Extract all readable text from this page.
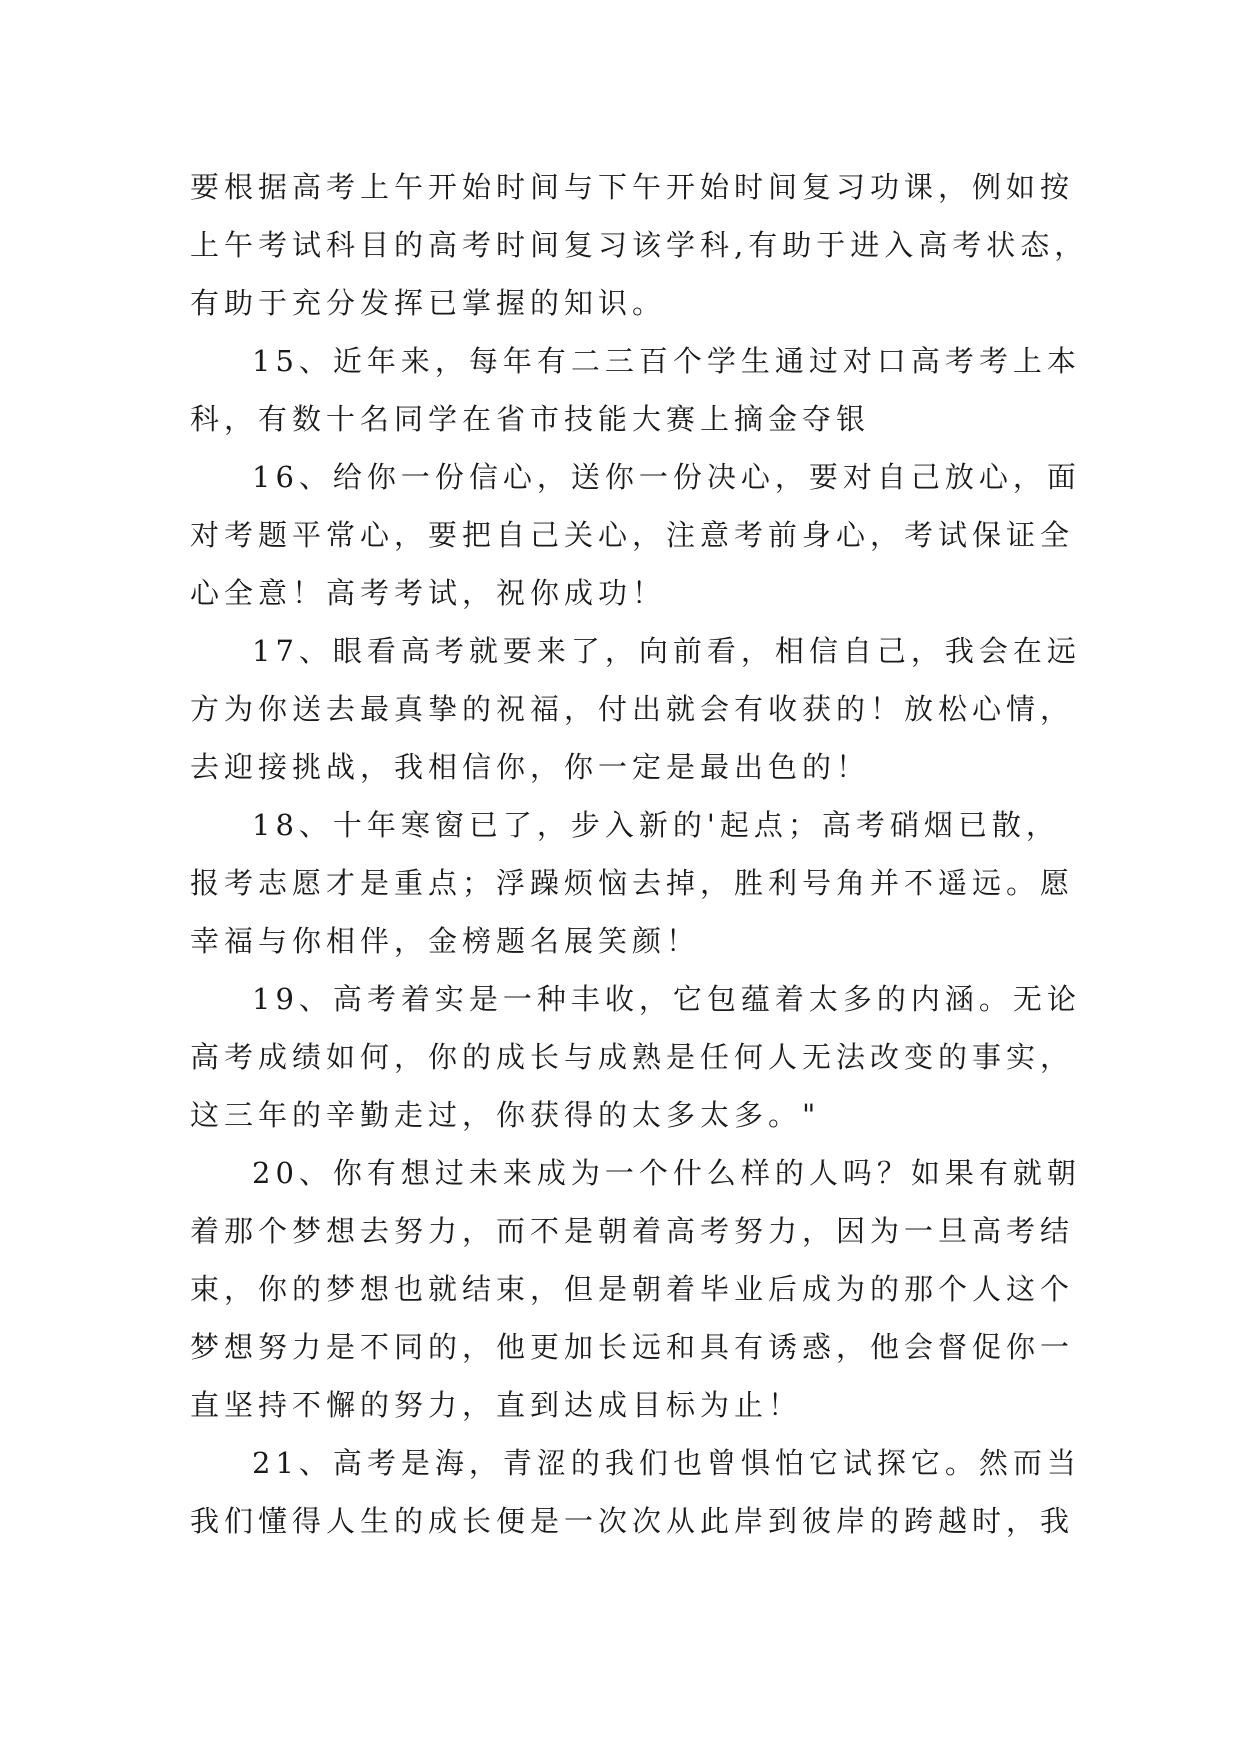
要根据高考上午开始时间与下午开始时间复习功课，例如按
上午考试科目的高考时间复习该学科,有助于进入高考状态，
有助于充分发挥已掌握的知识。
15、近年来，每年有二三百个学生通过对口高考考上本
科，有数十名同学在省市技能大赛上摘金夺银
16、给你一份信心，送你一份决心，要对自己放心，面
对考题平常心，要把自己关心，注意考前身心，考试保证全
心全意！高考考试，祝你成功！
17、眼看高考就要来了，向前看，相信自己，我会在远
方为你送去最真挚的祝福，付出就会有收获的！放松心情，
去迎接挑战，我相信你，你一定是最出色的！
18、十年寒窗已了，步入新的'起点；高考硝烟已散，
报考志愿才是重点；浮躁烦恼去掉，胜利号角并不遥远。愿
幸福与你相伴，金榜题名展笑颜！
19、高考着实是一种丰收，它包蕴着太多的内涵。无论
高考成绩如何，你的成长与成熟是任何人无法改变的事实，
这三年的辛勤走过，你获得的太多太多。"
20、你有想过未来成为一个什么样的人吗？如果有就朝
着那个梦想去努力，而不是朝着高考努力，因为一旦高考结
束，你的梦想也就结束，但是朝着毕业后成为的那个人这个
梦想努力是不同的，他更加长远和具有诱惑，他会督促你一
直坚持不懈的努力，直到达成目标为止！
21、高考是海，青涩的我们也曾惧怕它试探它。然而当
我们懂得人生的成长便是一次次从此岸到彼岸的跨越时，我
